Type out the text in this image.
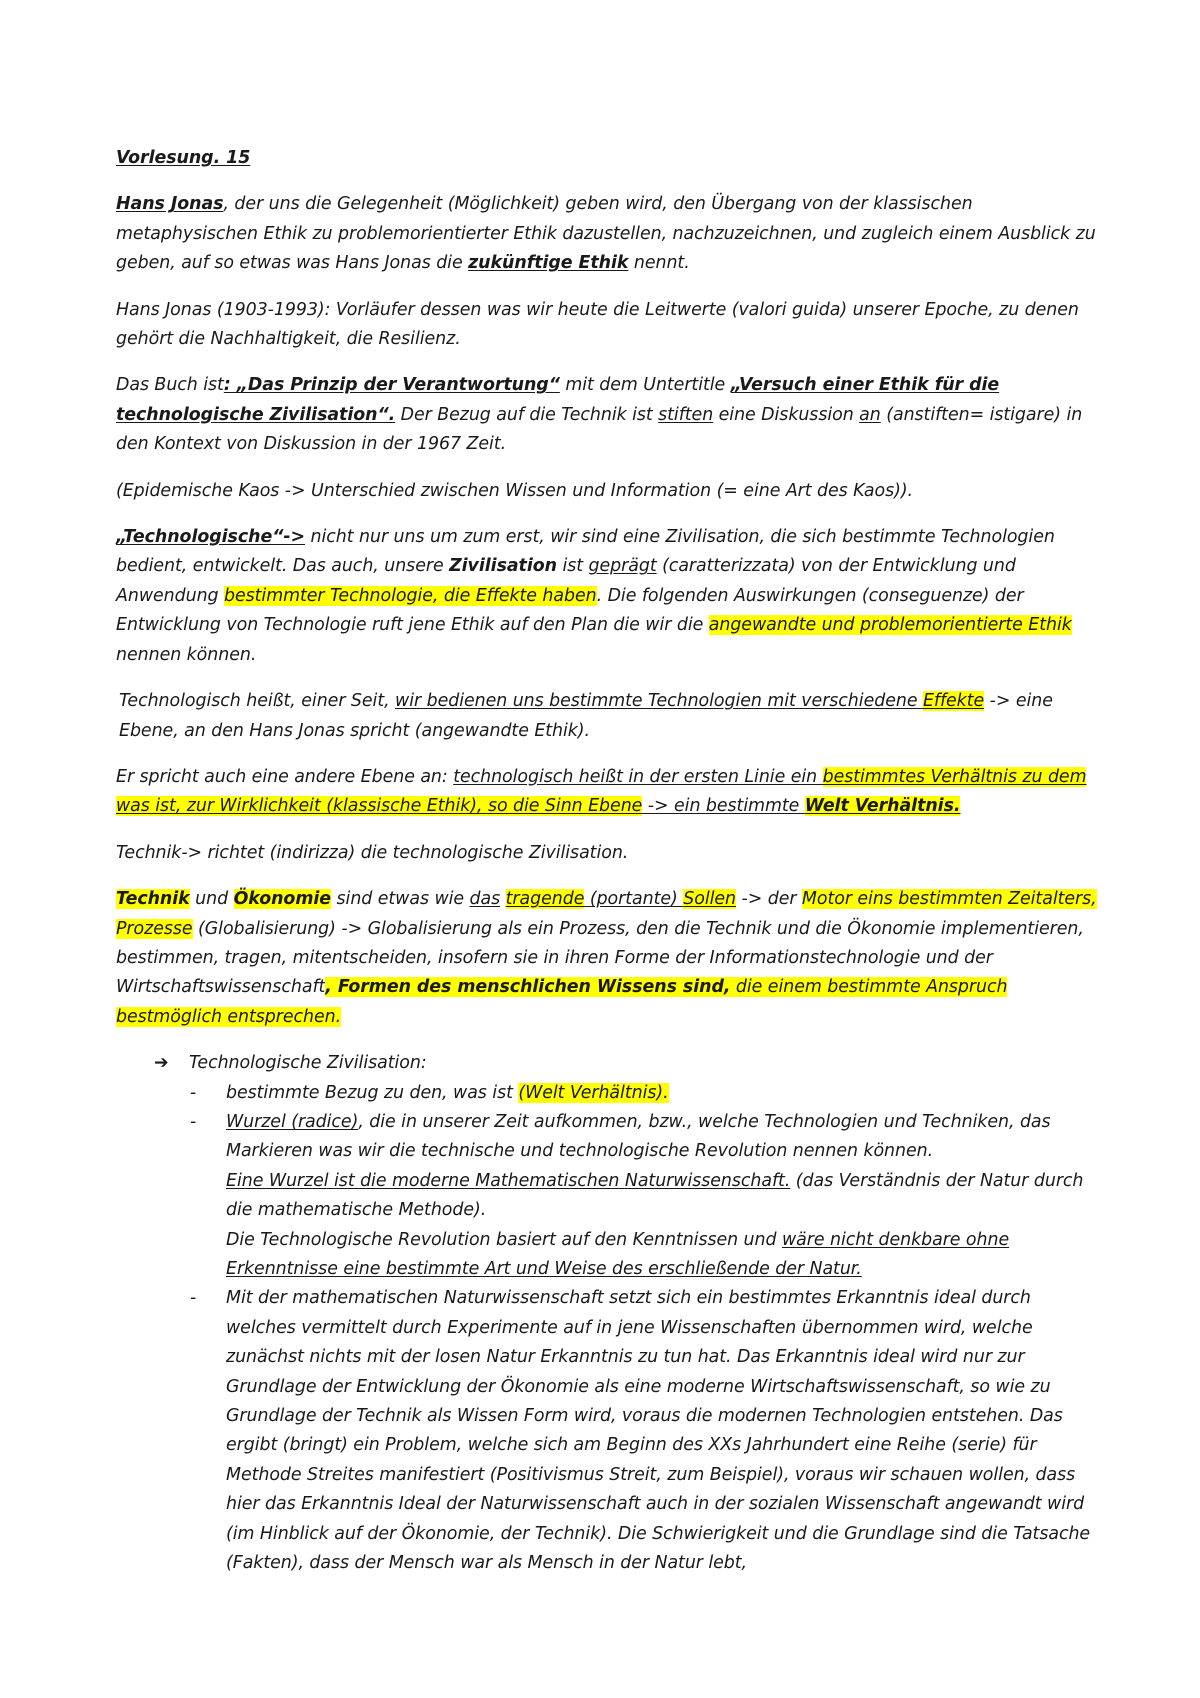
Vorlesung. 15

Hans Jonas, der uns die Gelegenheit (Möglichkeit) geben wird, den Übergang von der klassischen metaphysischen Ethik zu problemorientierter Ethik dazustellen, nachzuzeichnen, und zugleich einem Ausblick zu geben, auf so etwas was Hans Jonas die zukünftige Ethik nennt.

Hans Jonas (1903-1993): Vorläufer dessen was wir heute die Leitwerte (valori guida) unserer Epoche, zu denen gehört die Nachhaltigkeit, die Resilienz.

Das Buch ist: „Das Prinzip der Verantwortung“ mit dem Untertitle „Versuch einer Ethik für die technologische Zivilisation“. Der Bezug auf die Technik ist stiften eine Diskussion an (anstiften= istigare) in den Kontext von Diskussion in der 1967 Zeit.

(Epidemische Kaos -> Unterschied zwischen Wissen und Information (= eine Art des Kaos)).

„Technologische“-> nicht nur uns um zum erst, wir sind eine Zivilisation, die sich bestimmte Technologien bedient, entwickelt. Das auch, unsere Zivilisation ist geprägt (caratterizzata) von der Entwicklung und Anwendung bestimmter Technologie, die Effekte haben. Die folgenden Auswirkungen (conseguenze) der Entwicklung von Technologie ruft jene Ethik auf den Plan die wir die angewandte und problemorientierte Ethik nennen können.

Technologisch heißt, einer Seit, wir bedienen uns bestimmte Technologien mit verschiedene Effekte -> eine Ebene, an den Hans Jonas spricht (angewandte Ethik).

Er spricht auch eine andere Ebene an: technologisch heißt in der ersten Linie ein bestimmtes Verhältnis zu dem was ist, zur Wirklichkeit (klassische Ethik), so die Sinn Ebene -> ein bestimmte Welt Verhältnis.

Technik-> richtet (indirizza) die technologische Zivilisation.

Technik und Ökonomie sind etwas wie das tragende (portante) Sollen -> der Motor eins bestimmten Zeitalters, Prozesse (Globalisierung) -> Globalisierung als ein Prozess, den die Technik und die Ökonomie implementieren, bestimmen, tragen, mitentscheiden, insofern sie in ihren Forme der Informationstechnologie und der Wirtschaftswissenschaft, Formen des menschlichen Wissens sind, die einem bestimmte Anspruch bestmöglich entsprechen.

➔ Technologische Zivilisation:
- bestimmte Bezug zu den, was ist (Welt Verhältnis).
- Wurzel (radice), die in unserer Zeit aufkommen, bzw., welche Technologien und Techniken, das Markieren was wir die technische und technologische Revolution nennen können.
Eine Wurzel ist die moderne Mathematischen Naturwissenschaft. (das Verständnis der Natur durch die mathematische Methode).
Die Technologische Revolution basiert auf den Kenntnissen und wäre nicht denkbare ohne Erkenntnisse eine bestimmte Art und Weise des erschließende der Natur.
- Mit der mathematischen Naturwissenschaft setzt sich ein bestimmtes Erkanntnis ideal durch welches vermittelt durch Experimente auf in jene Wissenschaften übernommen wird, welche zunächst nichts mit der losen Natur Erkanntnis zu tun hat. Das Erkanntnis ideal wird nur zur Grundlage der Entwicklung der Ökonomie als eine moderne Wirtschaftswissenschaft, so wie zu Grundlage der Technik als Wissen Form wird, voraus die modernen Technologien entstehen. Das ergibt (bringt) ein Problem, welche sich am Beginn des XXs Jahrhundert eine Reihe (serie) für Methode Streites manifestiert (Positivismus Streit, zum Beispiel), voraus wir schauen wollen, dass hier das Erkanntnis Ideal der Naturwissenschaft auch in der sozialen Wissenschaft angewandt wird (im Hinblick auf der Ökonomie, der Technik). Die Schwierigkeit und die Grundlage sind die Tatsache (Fakten), dass der Mensch war als Mensch in der Natur lebt,
